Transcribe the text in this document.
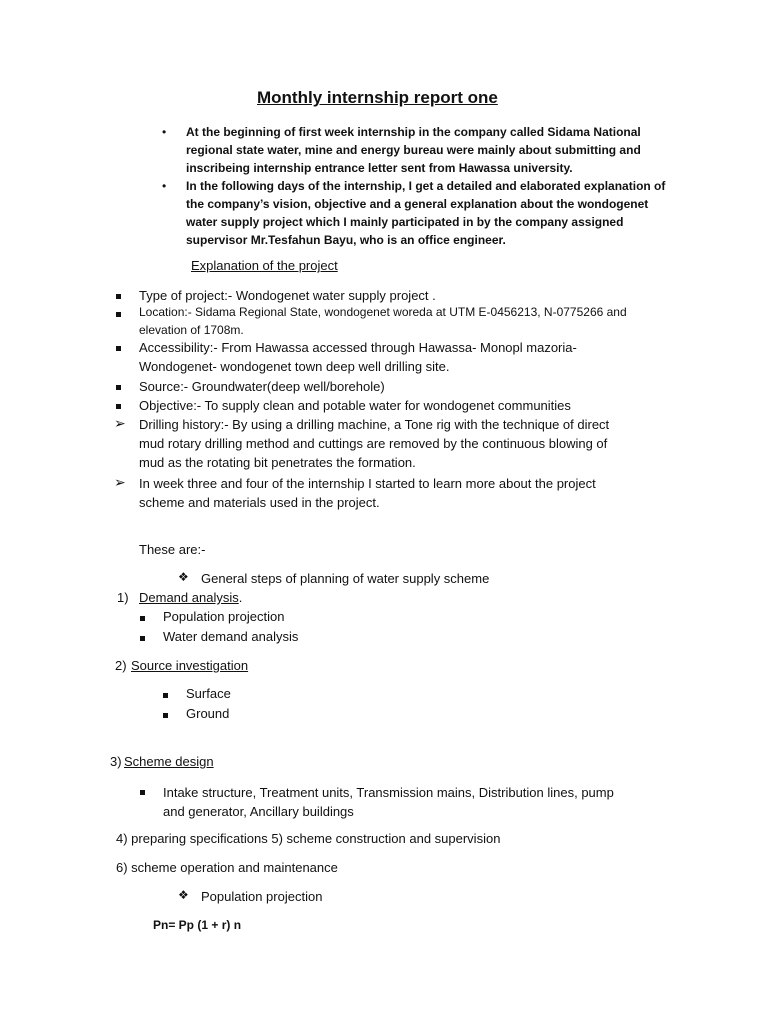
Monthly internship report one
• At the beginning of first week internship in the company called Sidama National
regional state water, mine and energy bureau were mainly about submitting and
inscribeing internship entrance letter sent from Hawassa university.
• In the following days of the internship, I get a detailed and elaborated explanation of
the company’s vision, objective and a general explanation about the wondogenet
water supply project which I mainly participated in by the company assigned
supervisor Mr.Tesfahun Bayu, who is an office engineer.
Explanation of the project
Type of project:- Wondogenet water supply project .
Location:- Sidama Regional State, wondogenet woreda at UTM E-0456213, N-0775266 and
elevation of 1708m.
Accessibility:- From Hawassa accessed through Hawassa- Monopl mazoria-
Wondogenet- wondogenet town deep well drilling site.
Source:- Groundwater(deep well/borehole)
Objective:- To supply clean and potable water for wondogenet communities
➢ Drilling history:- By using a drilling machine, a Tone rig with the technique of direct
mud rotary drilling method and cuttings are removed by the continuous blowing of
mud as the rotating bit penetrates the formation.
➢ In week three and four of the internship I started to learn more about the project
scheme and materials used in the project.
These are:-
❖ General steps of planning of water supply scheme
1) Demand analysis.
Population projection
Water demand analysis
2) Source investigation
Surface
Ground
3) Scheme design
Intake structure, Treatment units, Transmission mains, Distribution lines, pump
and generator, Ancillary buildings
4) preparing specifications 5) scheme construction and supervision
6) scheme operation and maintenance
❖ Population projection
Pn= Pp (1 + r) n
